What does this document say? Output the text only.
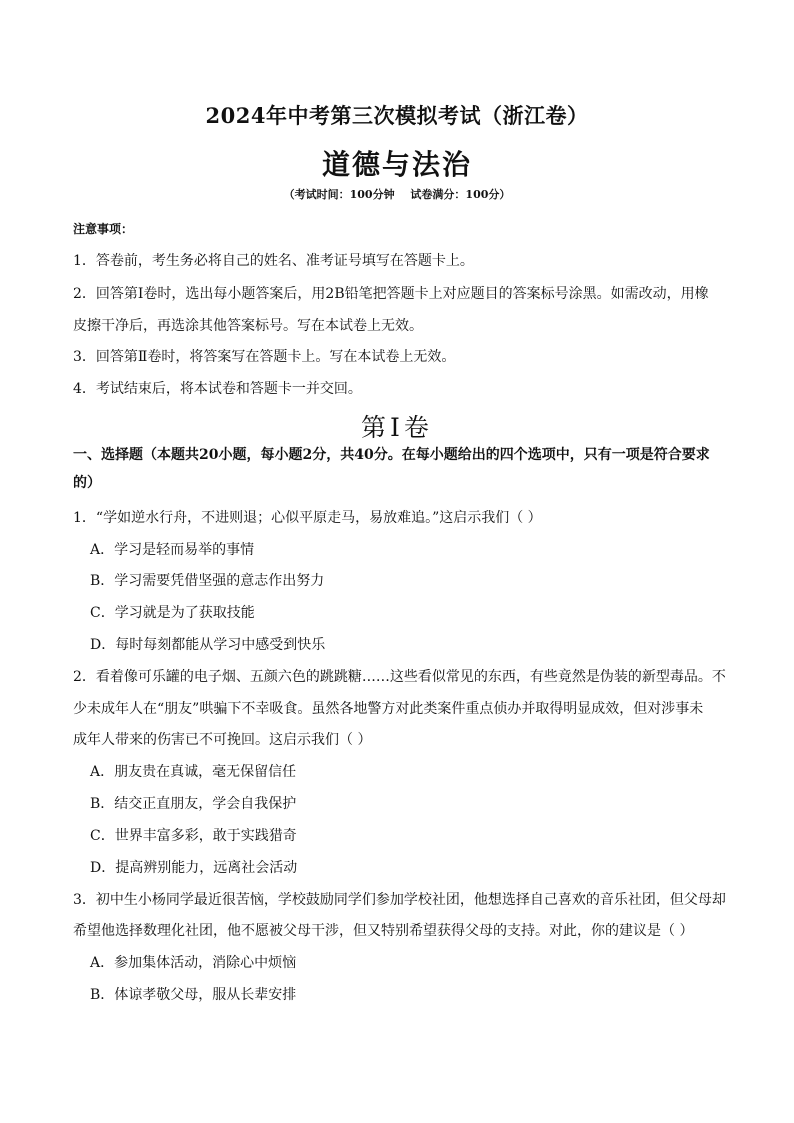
2024年中考第三次模拟考试（浙江卷）
道德与法治
（考试时间：100分钟 试卷满分：100分）
注意事项：
1．答卷前，考生务必将自己的姓名、准考证号填写在答题卡上。
2．回答第Ⅰ卷时，选出每小题答案后，用2B铅笔把答题卡上对应题目的答案标号涂黑。如需改动，用橡
皮擦干净后，再选涂其他答案标号。写在本试卷上无效。
3．回答第Ⅱ卷时，将答案写在答题卡上。写在本试卷上无效。
4．考试结束后，将本试卷和答题卡一并交回。
第Ⅰ卷
一、选择题（本题共20小题，每小题2分，共40分。在每小题给出的四个选项中，只有一项是符合要求
的）
1．“学如逆水行舟，不进则退；心似平原走马，易放难追。”这启示我们（ ）
A．学习是轻而易举的事情
B．学习需要凭借坚强的意志作出努力
C．学习就是为了获取技能
D．每时每刻都能从学习中感受到快乐
2．看着像可乐罐的电子烟、五颜六色的跳跳糖……这些看似常见的东西，有些竟然是伪装的新型毒品。不
少未成年人在“朋友”哄骗下不幸吸食。虽然各地警方对此类案件重点侦办并取得明显成效，但对涉事未
成年人带来的伤害已不可挽回。这启示我们（ ）
A．朋友贵在真诚，毫无保留信任
B．结交正直朋友，学会自我保护
C．世界丰富多彩，敢于实践猎奇
D．提高辨别能力，远离社会活动
3．初中生小杨同学最近很苦恼，学校鼓励同学们参加学校社团，他想选择自己喜欢的音乐社团，但父母却
希望他选择数理化社团，他不愿被父母干涉，但又特别希望获得父母的支持。对此，你的建议是（ ）
A．参加集体活动，消除心中烦恼
B．体谅孝敬父母，服从长辈安排
